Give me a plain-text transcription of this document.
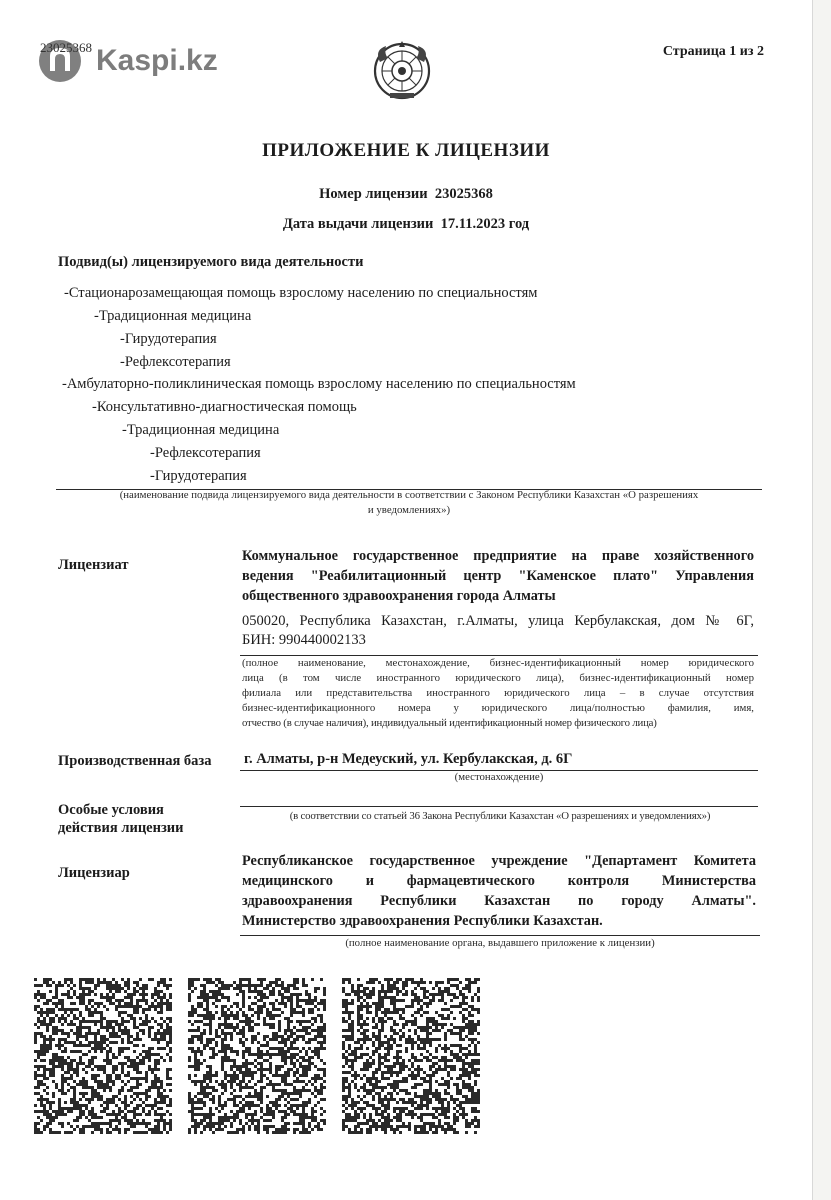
Kaspi.kz
23025368	Страница 1 из 2
ПРИЛОЖЕНИЕ К ЛИЦЕНЗИИ
Номер лицензии 23025368
Дата выдачи лицензии 17.11.2023 год
Подвид(ы) лицензируемого вида деятельности
-Стационарозамещающая помощь взрослому населению по специальностям
-Традиционная медицина
-Гирудотерапия
-Рефлексотерапия
-Амбулаторно-поликлиническая помощь взрослому населению по специальностям
-Консультативно-диагностическая помощь
-Традиционная медицина
-Рефлексотерапия
-Гирудотерапия
(наименование подвида лицензируемого вида деятельности в соответствии с Законом Республики Казахстан «О разрешениях
и уведомлениях»)
Лицензиат
Коммунальное государственное предприятие на праве хозяйственного
ведения "Реабилитационный центр "Каменское плато" Управления
общественного здравоохранения города Алматы
050020, Республика Казахстан, г.Алматы, улица Кербулакская, дом № 6Г,
БИН: 990440002133
(полное наименование, местонахождение, бизнес-идентификационный номер юридического
лица (в том числе иностранного юридического лица), бизнес-идентификационный номер
филиала или представительства иностранного юридического лица – в случае отсутствия
бизнес-идентификационного номера у юридического лица/полностью фамилия, имя,
отчество (в случае наличия), индивидуальный идентификационный номер физического лица)
Производственная база г. Алматы, р-н Медеуский, ул. Кербулакская, д. 6Г
(местонахождение)
Особые условия
действия лицензии
(в соответствии со статьей 36 Закона Республики Казахстан «О разрешениях и уведомлениях»)
Лицензиар
Республиканское государственное учреждение "Департамент Комитета
медицинского и фармацевтического контроля Министерства
здравоохранения Республики Казахстан по городу Алматы".
Министерство здравоохранения Республики Казахстан.
(полное наименование органа, выдавшего приложение к лицензии)
